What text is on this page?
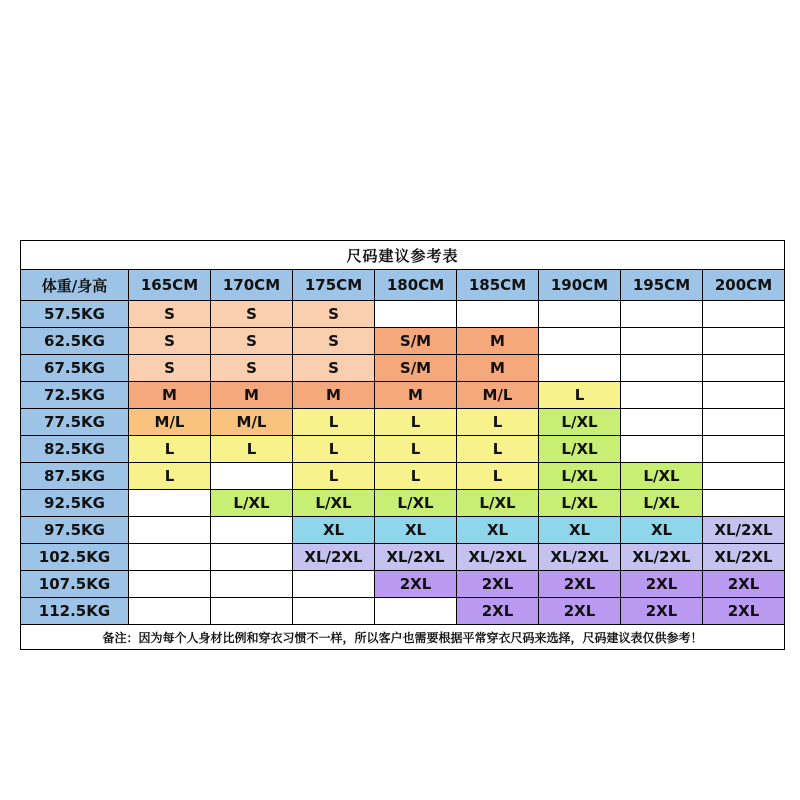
尺码建议参考表								
体重/身高	165CM	170CM	175CM	180CM	185CM	190CM	195CM	200CM
57.5KG	S	S	S					
62.5KG	S	S	S	S/M	M			
67.5KG	S	S	S	S/M	M			
72.5KG	M	M	M	M	M/L	L		
77.5KG	M/L	M/L	L	L	L	L/XL		
82.5KG	L	L	L	L	L	L/XL		
87.5KG	L		L	L	L	L/XL	L/XL	
92.5KG		L/XL	L/XL	L/XL	L/XL	L/XL	L/XL	
97.5KG			XL	XL	XL	XL	XL	XL/2XL
102.5KG			XL/2XL	XL/2XL	XL/2XL	XL/2XL	XL/2XL	XL/2XL
107.5KG				2XL	2XL	2XL	2XL	2XL
112.5KG					2XL	2XL	2XL	2XL
备注：因为每个人身材比例和穿衣习惯不一样，所以客户也需要根据平常穿衣尺码来选择，尺码建议表仅供参考！								
